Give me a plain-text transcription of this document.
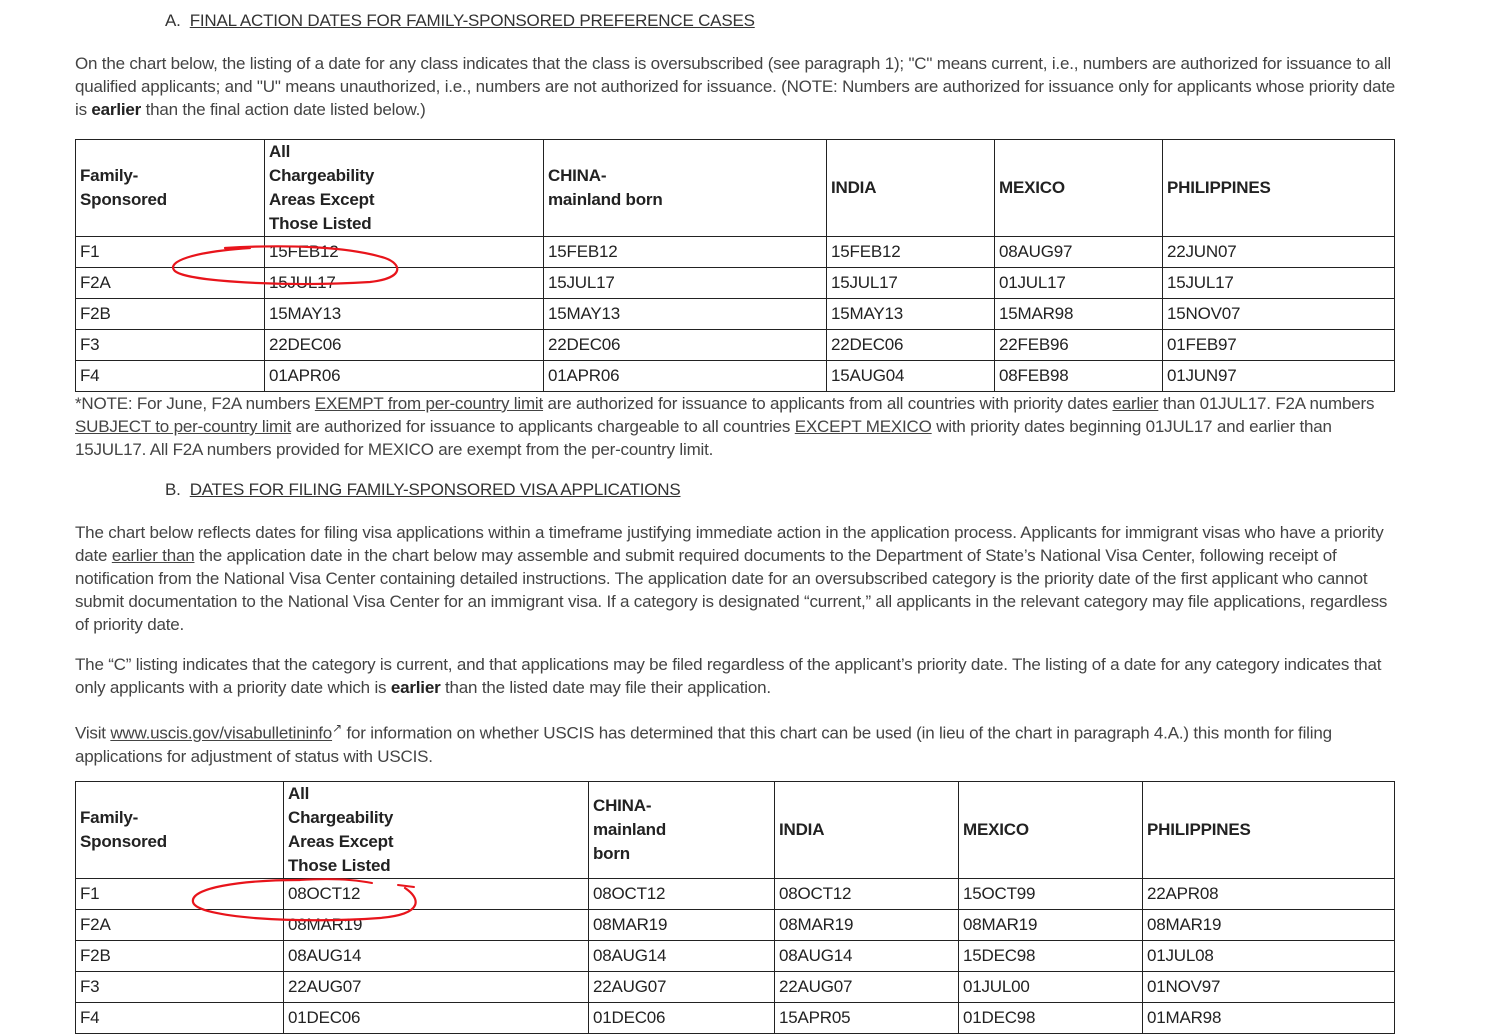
A. FINAL ACTION DATES FOR FAMILY-SPONSORED PREFERENCE CASES
On the chart below, the listing of a date for any class indicates that the class is oversubscribed (see paragraph 1); "C" means current, i.e., numbers are authorized for issuance to all qualified applicants; and "U" means unauthorized, i.e., numbers are not authorized for issuance. (NOTE: Numbers are authorized for issuance only for applicants whose priority date is earlier than the final action date listed below.)
Family-Sponsored	All Chargeability Areas Except Those Listed	CHINA-mainland born	INDIA	MEXICO	PHILIPPINES
F1	15FEB12	15FEB12	15FEB12	08AUG97	22JUN07
F2A	15JUL17	15JUL17	15JUL17	01JUL17	15JUL17
F2B	15MAY13	15MAY13	15MAY13	15MAR98	15NOV07
F3	22DEC06	22DEC06	22DEC06	22FEB96	01FEB97
F4	01APR06	01APR06	15AUG04	08FEB98	01JUN97
*NOTE: For June, F2A numbers EXEMPT from per-country limit are authorized for issuance to applicants from all countries with priority dates earlier than 01JUL17. F2A numbers SUBJECT to per-country limit are authorized for issuance to applicants chargeable to all countries EXCEPT MEXICO with priority dates beginning 01JUL17 and earlier than 15JUL17. All F2A numbers provided for MEXICO are exempt from the per-country limit.
B. DATES FOR FILING FAMILY-SPONSORED VISA APPLICATIONS
The chart below reflects dates for filing visa applications within a timeframe justifying immediate action in the application process. Applicants for immigrant visas who have a priority date earlier than the application date in the chart below may assemble and submit required documents to the Department of State’s National Visa Center, following receipt of notification from the National Visa Center containing detailed instructions. The application date for an oversubscribed category is the priority date of the first applicant who cannot submit documentation to the National Visa Center for an immigrant visa. If a category is designated “current,” all applicants in the relevant category may file applications, regardless of priority date.
The “C” listing indicates that the category is current, and that applications may be filed regardless of the applicant’s priority date. The listing of a date for any category indicates that only applicants with a priority date which is earlier than the listed date may file their application.
Visit www.uscis.gov/visabulletininfo↗ for information on whether USCIS has determined that this chart can be used (in lieu of the chart in paragraph 4.A.) this month for filing applications for adjustment of status with USCIS.
Family-Sponsored	All Chargeability Areas Except Those Listed	CHINA-mainland born	INDIA	MEXICO	PHILIPPINES
F1	08OCT12	08OCT12	08OCT12	15OCT99	22APR08
F2A	08MAR19	08MAR19	08MAR19	08MAR19	08MAR19
F2B	08AUG14	08AUG14	08AUG14	15DEC98	01JUL08
F3	22AUG07	22AUG07	22AUG07	01JUL00	01NOV97
F4	01DEC06	01DEC06	15APR05	01DEC98	01MAR98
